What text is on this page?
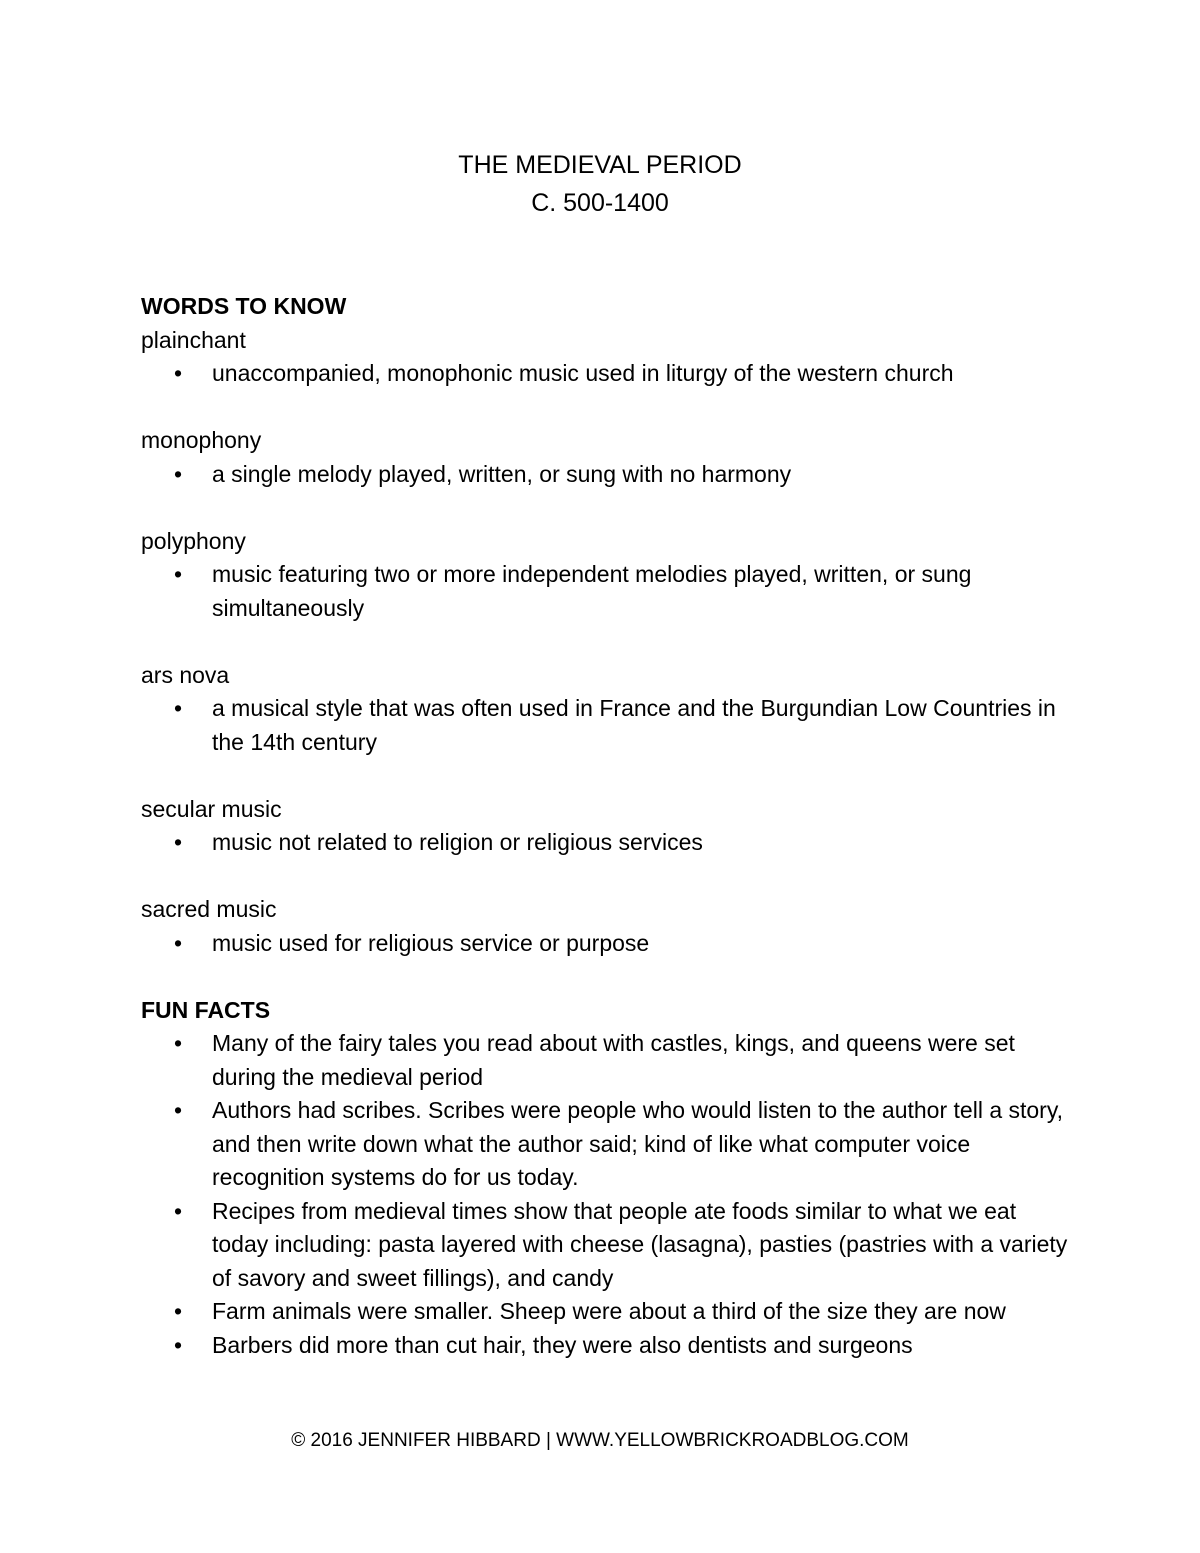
THE MEDIEVAL PERIOD
C. 500-1400

WORDS TO KNOW

plainchant

• unaccompanied, monophonic music used in liturgy of the western church

monophony

• a single melody played, written, or sung with no harmony

polyphony

• music featuring two or more independent melodies played, written, or sung simultaneously

ars nova

• a musical style that was often used in France and the Burgundian Low Countries in the 14th century

secular music

• music not related to religion or religious services

sacred music

• music used for religious service or purpose

FUN FACTS

• Many of the fairy tales you read about with castles, kings, and queens were set during the medieval period
• Authors had scribes. Scribes were people who would listen to the author tell a story, and then write down what the author said; kind of like what computer voice recognition systems do for us today.
• Recipes from medieval times show that people ate foods similar to what we eat today including: pasta layered with cheese (lasagna), pasties (pastries with a variety of savory and sweet fillings), and candy
• Farm animals were smaller. Sheep were about a third of the size they are now
• Barbers did more than cut hair, they were also dentists and surgeons
© 2016 JENNIFER HIBBARD | WWW.YELLOWBRICKROADBLOG.COM
